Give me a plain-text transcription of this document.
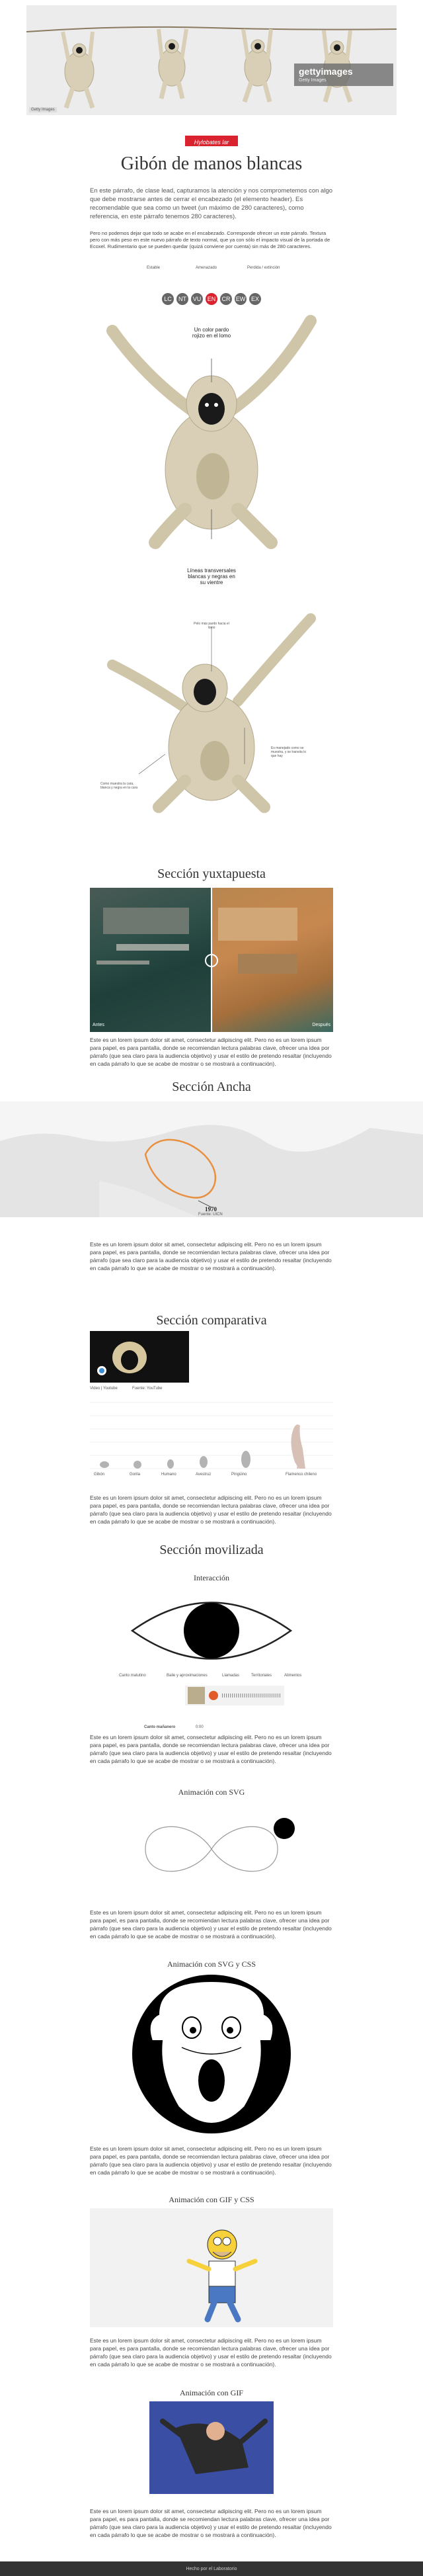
gettyimages
Getty Images
Getty Images
Hylobates lar
Gibón de manos blancas

En este párrafo, de clase lead, capturamos la atención y nos comprometemos con algo que debe mostrarse antes de cerrar el encabezado (el elemento header). Es recomendable que sea como un tweet (un máximo de 280 caracteres), como referencia, en este párrafo tenemos 280 caracteres).

Pero no podemos dejar que todo se acabe en el encabezado. Corresponde ofrecer un este párrafo. Textura pero con más peso en este nuevo párrafo de texto normal, que ya con sólo el impacto visual de la portada de Ecoxel. Rudimentario que se pueden quedar (quizá conviene por cuenta) sin más de 280 caracteres.

Estable	Amenazado	Perdida / extinción
LC NT VU EN CR EW EX
Un color pardo rojizo en el lomo
Líneas transversales blancas y negras en su vientre
Pelo más pardo hacia el lomo
Es manejado como se muestra, y se transita lo que hay
Como muestra la cara, blanca y negra en la cara
Sección yuxtapuesta
Antes	Después

Este es un lorem ipsum dolor sit amet, consectetur adipiscing elit. Pero no es un lorem ipsum para papel, es para pantalla, donde se recomiendan lectura palabras clave, ofrecer una idea por párrafo (que sea claro para la audiencia objetivo) y usar el estilo de pretendo resaltar (incluyendo en cada párrafo lo que se acabe de mostrar o se mostrará a continuación).

Sección Ancha
1970
Fuente: UICN

Este es un lorem ipsum dolor sit amet, consectetur adipiscing elit. Pero no es un lorem ipsum para papel, es para pantalla, donde se recomiendan lectura palabras clave, ofrecer una idea por párrafo (que sea claro para la audiencia objetivo) y usar el estilo de pretendo resaltar (incluyendo en cada párrafo lo que se acabe de mostrar o se mostrará a continuación).

Sección comparativa
Video | Youtube	Fuente: YouTube
Gibón	Gorila	Humano	Avestruz	Pingüino	Flamenco chileno

Este es un lorem ipsum dolor sit amet, consectetur adipiscing elit. Pero no es un lorem ipsum para papel, es para pantalla, donde se recomiendan lectura palabras clave, ofrecer una idea por párrafo (que sea claro para la audiencia objetivo) y usar el estilo de pretendo resaltar (incluyendo en cada párrafo lo que se acabe de mostrar o se mostrará a continuación).

Sección movilizada
Interacción
Canto matutino	Baile y aproximaciones	Llamadas	Territoriales	Alimentos
Canto mañanero	0:00

Este es un lorem ipsum dolor sit amet, consectetur adipiscing elit. Pero no es un lorem ipsum para papel, es para pantalla, donde se recomiendan lectura palabras clave, ofrecer una idea por párrafo (que sea claro para la audiencia objetivo) y usar el estilo de pretendo resaltar (incluyendo en cada párrafo lo que se acabe de mostrar o se mostrará a continuación).

Animación con SVG

Este es un lorem ipsum dolor sit amet, consectetur adipiscing elit. Pero no es un lorem ipsum para papel, es para pantalla, donde se recomiendan lectura palabras clave, ofrecer una idea por párrafo (que sea claro para la audiencia objetivo) y usar el estilo de pretendo resaltar (incluyendo en cada párrafo lo que se acabe de mostrar o se mostrará a continuación).

Animación con SVG y CSS

Este es un lorem ipsum dolor sit amet, consectetur adipiscing elit. Pero no es un lorem ipsum para papel, es para pantalla, donde se recomiendan lectura palabras clave, ofrecer una idea por párrafo (que sea claro para la audiencia objetivo) y usar el estilo de pretendo resaltar (incluyendo en cada párrafo lo que se acabe de mostrar o se mostrará a continuación).

Animación con GIF y CSS

Este es un lorem ipsum dolor sit amet, consectetur adipiscing elit. Pero no es un lorem ipsum para papel, es para pantalla, donde se recomiendan lectura palabras clave, ofrecer una idea por párrafo (que sea claro para la audiencia objetivo) y usar el estilo de pretendo resaltar (incluyendo en cada párrafo lo que se acabe de mostrar o se mostrará a continuación).

Animación con GIF

Este es un lorem ipsum dolor sit amet, consectetur adipiscing elit. Pero no es un lorem ipsum para papel, es para pantalla, donde se recomiendan lectura palabras clave, ofrecer una idea por párrafo (que sea claro para la audiencia objetivo) y usar el estilo de pretendo resaltar (incluyendo en cada párrafo lo que se acabe de mostrar o se mostrará a continuación).

Hecho por el Laboratorio
